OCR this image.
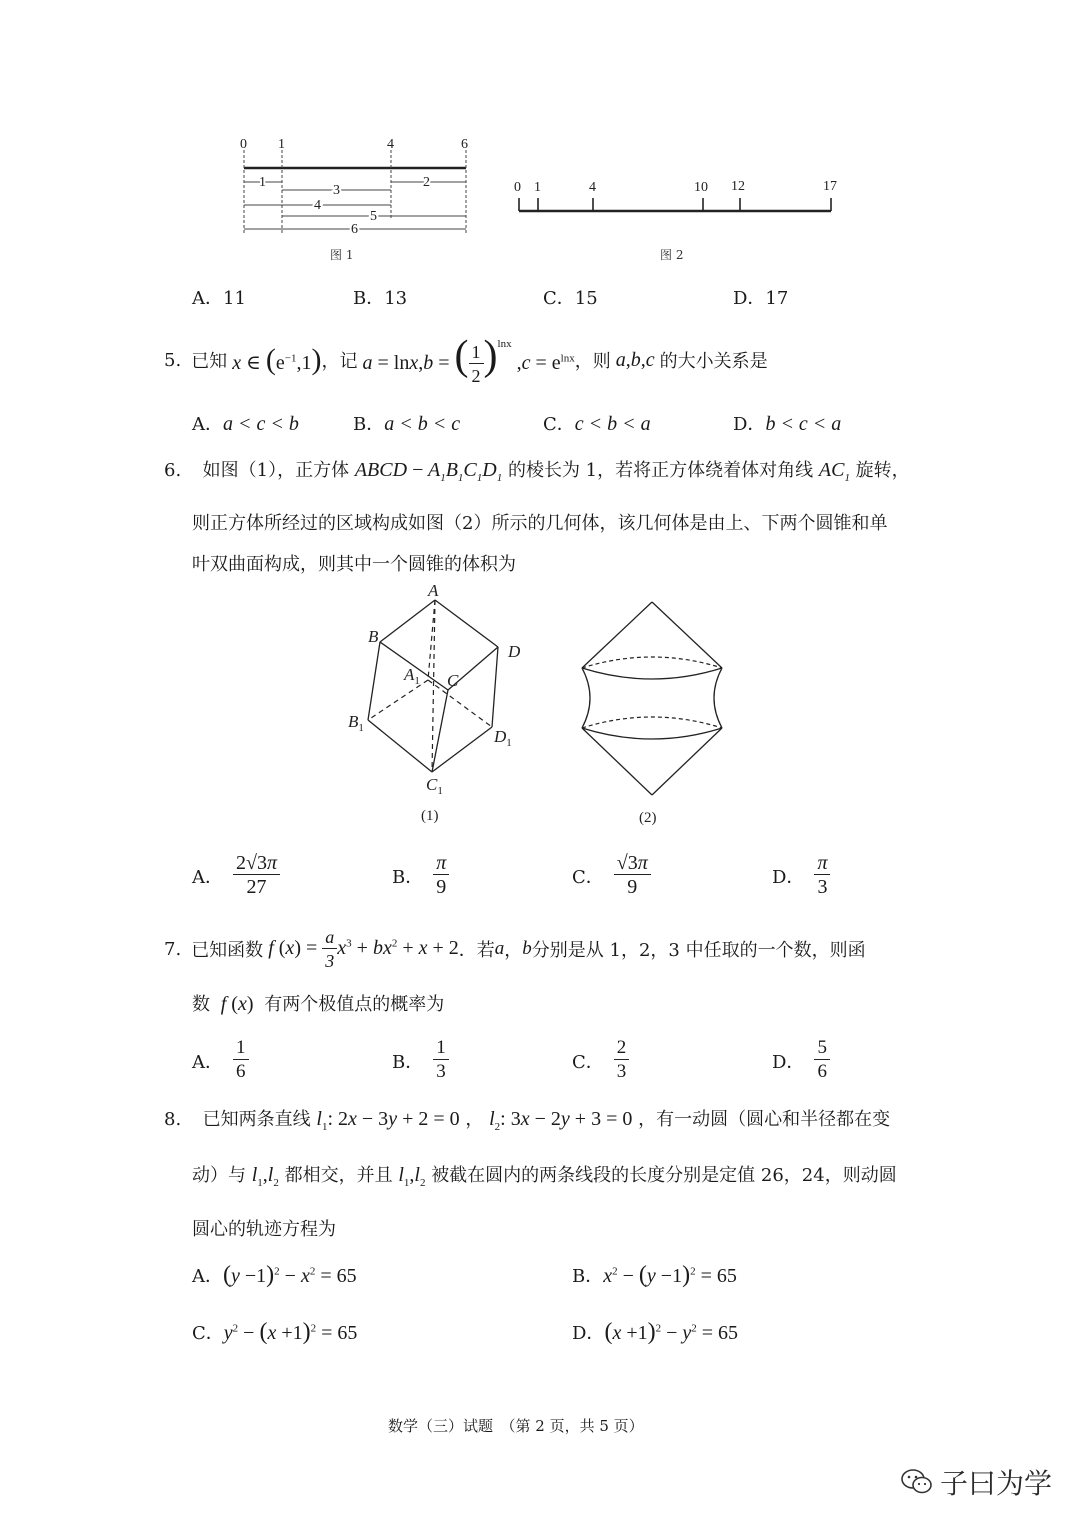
0 1	4	6
1
3
2
4
5
6
图 1
0 1	4	10 12	17
图 2
A．11	B．13	C．15	D．17
5. 已知 x ∈ $(e^{-1},1)$ ，记 a = lnx,b = ( $\frac{1}{2} )^{lnx}$ $,c = e^{lnx}$ ，则 a,b,c 的大小关系是
A．a < c < b	B．a < b < c	C．c < b < a	D．b < c < a
6. 如图（1），正方体 ABCD − $A_1B_1C_1D_1$ 的棱长为 1，若将正方体绕着体对角线 $AC_1$ 旋转，
则正方体所经过的区域构成如图（2）所示的几何体，该几何体是由上、下两个圆锥和单
叶双曲面构成，则其中一个圆锥的体积为
A
B
D
$A_1$ C
$B_1$	$D_1$
$C_1$
(1)	(2)
A． $\frac{2√3\pi}{27}$	B． $\frac{\pi}{9}$	C． $\frac{√3\pi}{9}$	D． $\frac{\pi}{3}$
7. 已知函数 f $(x) = \frac{a}{3} x^3 + bx^2 + x + 2$ ．若 a ， b 分别是从 1，2，3 中任取的一个数，则函
数  f (x) 有两个极值点的概率为
A． $\frac{1}{6}$	B． $\frac{1}{3}$	C． $\frac{2}{3}$	D． $\frac{5}{6}$
8. 已知两条直线 $l_1$: 2x − 3y + 2 = 0 ， $l_2$: 3x − 2y + 3 = 0 ，有一动圆（圆心和半径都在变
动）与 $l_1,l_2$ 都相交，并且 $l_1,l_2$ 被截在圆内的两条线段的长度分别是定值 26，24，则动圆
圆心的轨迹方程为
A．$(y -1)^2 - x^2 = 65$	B．$x^2 - (y -1)^2 = 65$
C．$y^2 - (x +1)^2 = 65$	D．$(x +1)^2 - y^2 = 65$
数学（三）试题　（第 2 页，共 5 页）
子曰为学
